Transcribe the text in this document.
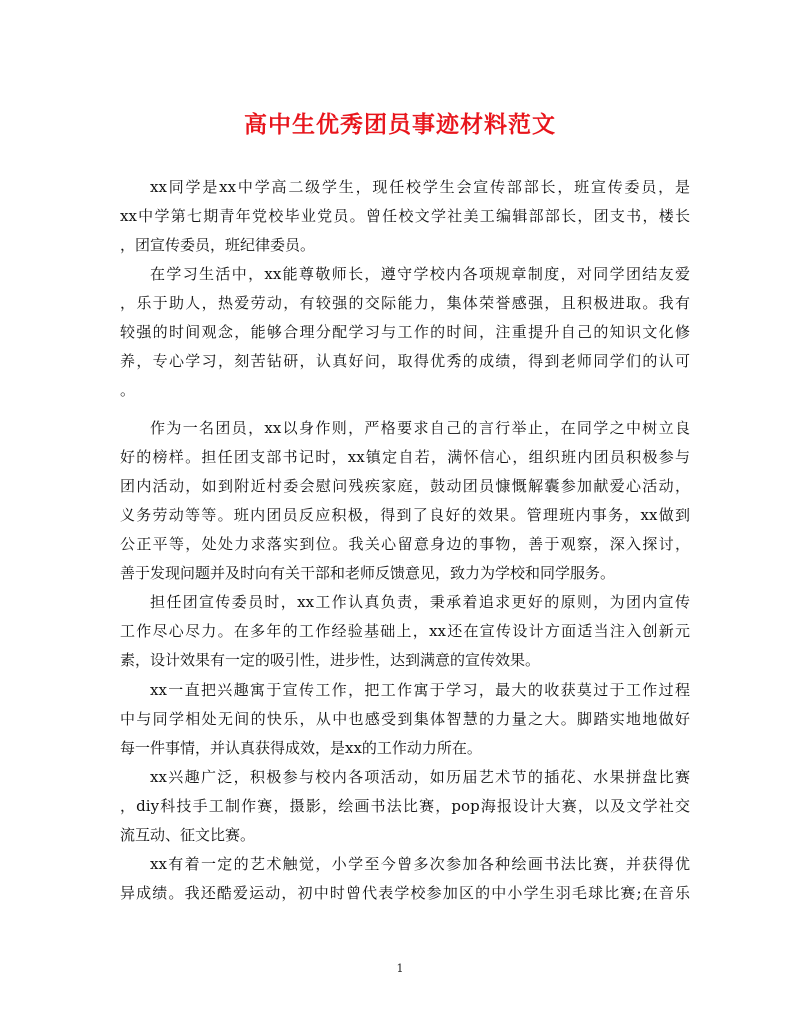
高中生优秀团员事迹材料范文
xx同学是xx中学高二级学生，现任校学生会宣传部部长，班宣传委员，是
xx中学第七期青年党校毕业党员。曾任校文学社美工编辑部部长，团支书，楼长
，团宣传委员，班纪律委员。
在学习生活中，xx能尊敬师长，遵守学校内各项规章制度，对同学团结友爱
，乐于助人，热爱劳动，有较强的交际能力，集体荣誉感强，且积极进取。我有
较强的时间观念，能够合理分配学习与工作的时间，注重提升自己的知识文化修
养，专心学习，刻苦钻研，认真好问，取得优秀的成绩，得到老师同学们的认可
。
作为一名团员，xx以身作则，严格要求自己的言行举止，在同学之中树立良
好的榜样。担任团支部书记时，xx镇定自若，满怀信心，组织班内团员积极参与
团内活动，如到附近村委会慰问残疾家庭，鼓动团员慷慨解囊参加献爱心活动，
义务劳动等等。班内团员反应积极，得到了良好的效果。管理班内事务，xx做到
公正平等，处处力求落实到位。我关心留意身边的事物，善于观察，深入探讨，
善于发现问题并及时向有关干部和老师反馈意见，致力为学校和同学服务。
担任团宣传委员时，xx工作认真负责，秉承着追求更好的原则，为团内宣传
工作尽心尽力。在多年的工作经验基础上，xx还在宣传设计方面适当注入创新元
素，设计效果有一定的吸引性，进步性，达到满意的宣传效果。
xx一直把兴趣寓于宣传工作，把工作寓于学习，最大的收获莫过于工作过程
中与同学相处无间的快乐，从中也感受到集体智慧的力量之大。脚踏实地地做好
每一件事情，并认真获得成效，是xx的工作动力所在。
xx兴趣广泛，积极参与校内各项活动，如历届艺术节的插花、水果拼盘比赛
，diy科技手工制作赛，摄影，绘画书法比赛，pop海报设计大赛，以及文学社交
流互动、征文比赛。
xx有着一定的艺术触觉，小学至今曾多次参加各种绘画书法比赛，并获得优
异成绩。我还酷爱运动，初中时曾代表学校参加区的中小学生羽毛球比赛;在音乐
1
